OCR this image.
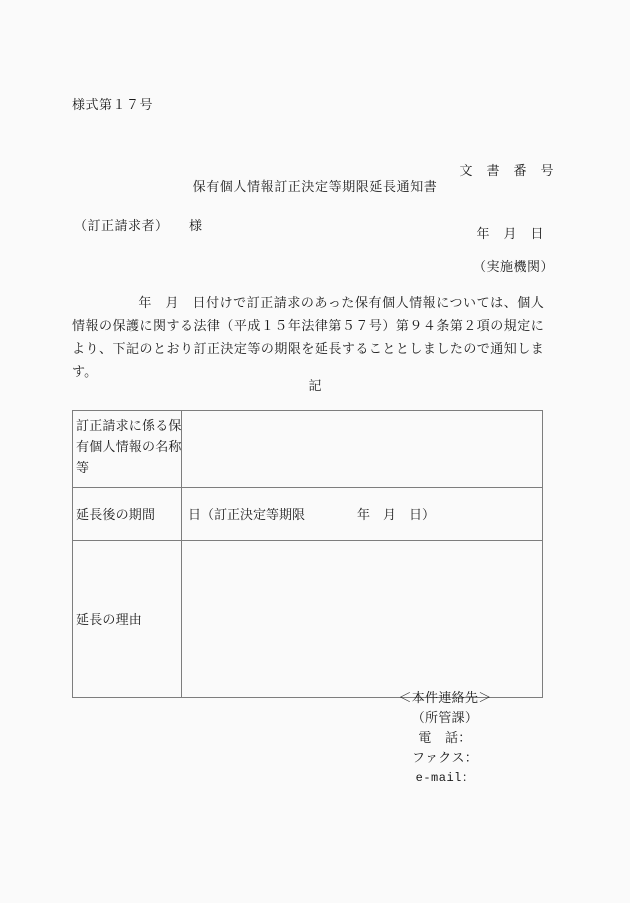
様式第１７号

文　書　番　号

年　月　日

保有個人情報訂正決定等期限延長通知書
（訂正請求者）　　様
（実施機関）
年　月　日付けで訂正請求のあった保有個人情報については、個人情報の保護に関する法律（平成１５年法律第５７号）第９４条第２項の規定により、下記のとおり訂正決定等の期限を延長することとしましたので通知します。
記
訂正請求に係る保
有個人情報の名称
等	

延長後の期間	日（訂正決定等期限　　　　年　月　日）
延長の理由	
＜本件連絡先＞
（所管課）
電　話：
ファクス：
e-mail：
